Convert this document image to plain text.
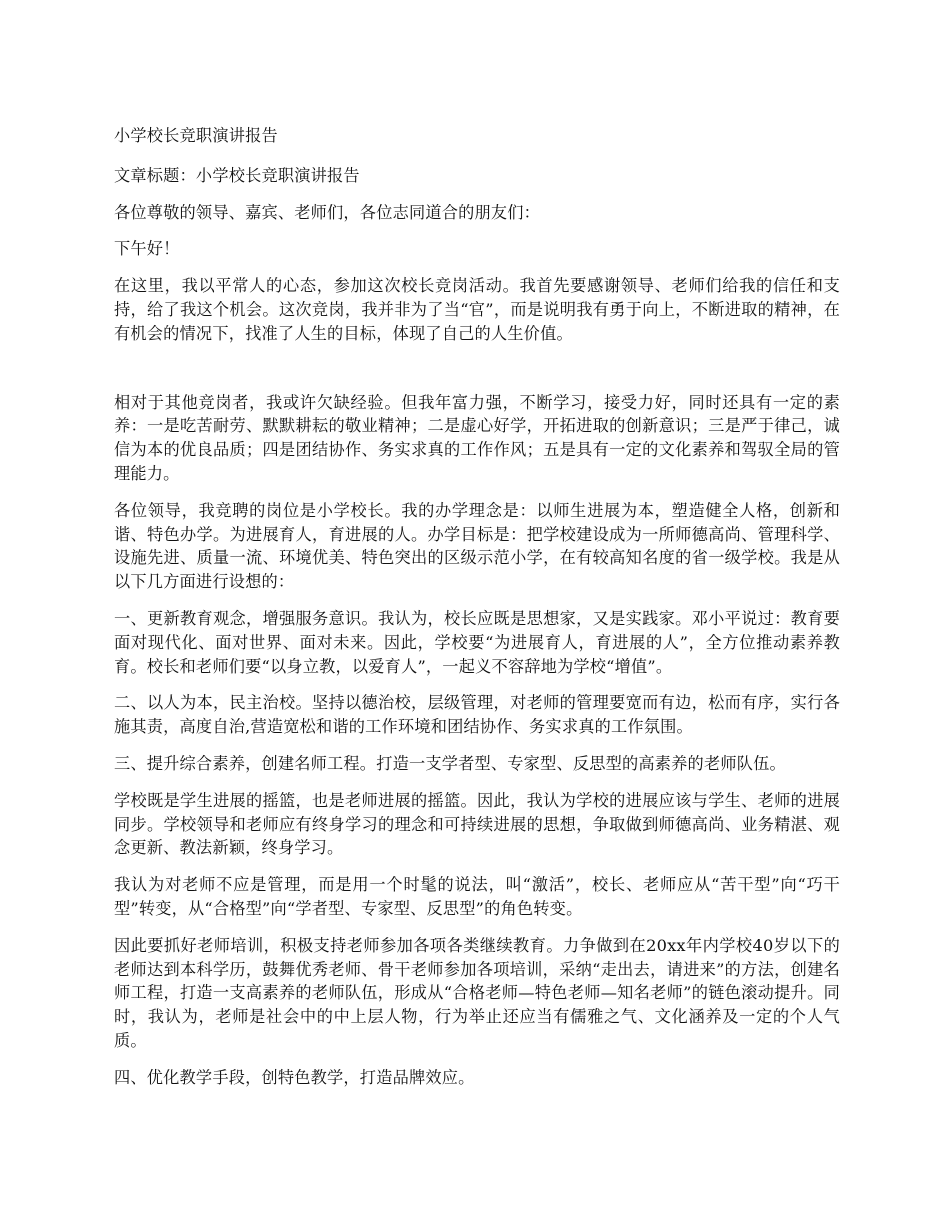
小学校长竞职演讲报告

文章标题：小学校长竞职演讲报告

各位尊敬的领导、嘉宾、老师们，各位志同道合的朋友们：

下午好！

在这里，我以平常人的心态，参加这次校长竞岗活动。我首先要感谢领导、老师们给我的信任和支持，给了我这个机会。这次竞岗，我并非为了当“官”，而是说明我有勇于向上，不断进取的精神，在有机会的情况下，找准了人生的目标，体现了自己的人生价值。

相对于其他竞岗者，我或许欠缺经验。但我年富力强，不断学习，接受力好，同时还具有一定的素养：一是吃苦耐劳、默默耕耘的敬业精神；二是虚心好学，开拓进取的创新意识；三是严于律己，诚信为本的优良品质；四是团结协作、务实求真的工作作风；五是具有一定的文化素养和驾驭全局的管理能力。

各位领导，我竞聘的岗位是小学校长。我的办学理念是：以师生进展为本，塑造健全人格，创新和谐、特色办学。为进展育人，育进展的人。办学目标是：把学校建设成为一所师德高尚、管理科学、设施先进、质量一流、环境优美、特色突出的区级示范小学，在有较高知名度的省一级学校。我是从以下几方面进行设想的：

一、更新教育观念，增强服务意识。我认为，校长应既是思想家，又是实践家。邓小平说过：教育要面对现代化、面对世界、面对未来。因此，学校要“为进展育人，育进展的人”，全方位推动素养教育。校长和老师们要“以身立教，以爱育人”，一起义不容辞地为学校“增值”。

二、以人为本，民主治校。坚持以德治校，层级管理，对老师的管理要宽而有边，松而有序，实行各施其责，高度自治,营造宽松和谐的工作环境和团结协作、务实求真的工作氛围。

三、提升综合素养，创建名师工程。打造一支学者型、专家型、反思型的高素养的老师队伍。

学校既是学生进展的摇篮，也是老师进展的摇篮。因此，我认为学校的进展应该与学生、老师的进展同步。学校领导和老师应有终身学习的理念和可持续进展的思想，争取做到师德高尚、业务精湛、观念更新、教法新颖，终身学习。

我认为对老师不应是管理，而是用一个时髦的说法，叫“激活”，校长、老师应从“苦干型”向“巧干型”转变，从“合格型”向“学者型、专家型、反思型”的角色转变。

因此要抓好老师培训，积极支持老师参加各项各类继续教育。力争做到在20xx年内学校40岁以下的老师达到本科学历，鼓舞优秀老师、骨干老师参加各项培训，采纳“走出去，请进来”的方法，创建名师工程，打造一支高素养的老师队伍，形成从“合格老师—特色老师—知名老师”的链色滚动提升。同时，我认为，老师是社会中的中上层人物，行为举止还应当有儒雅之气、文化涵养及一定的个人气质。

四、优化教学手段，创特色教学，打造品牌效应。
